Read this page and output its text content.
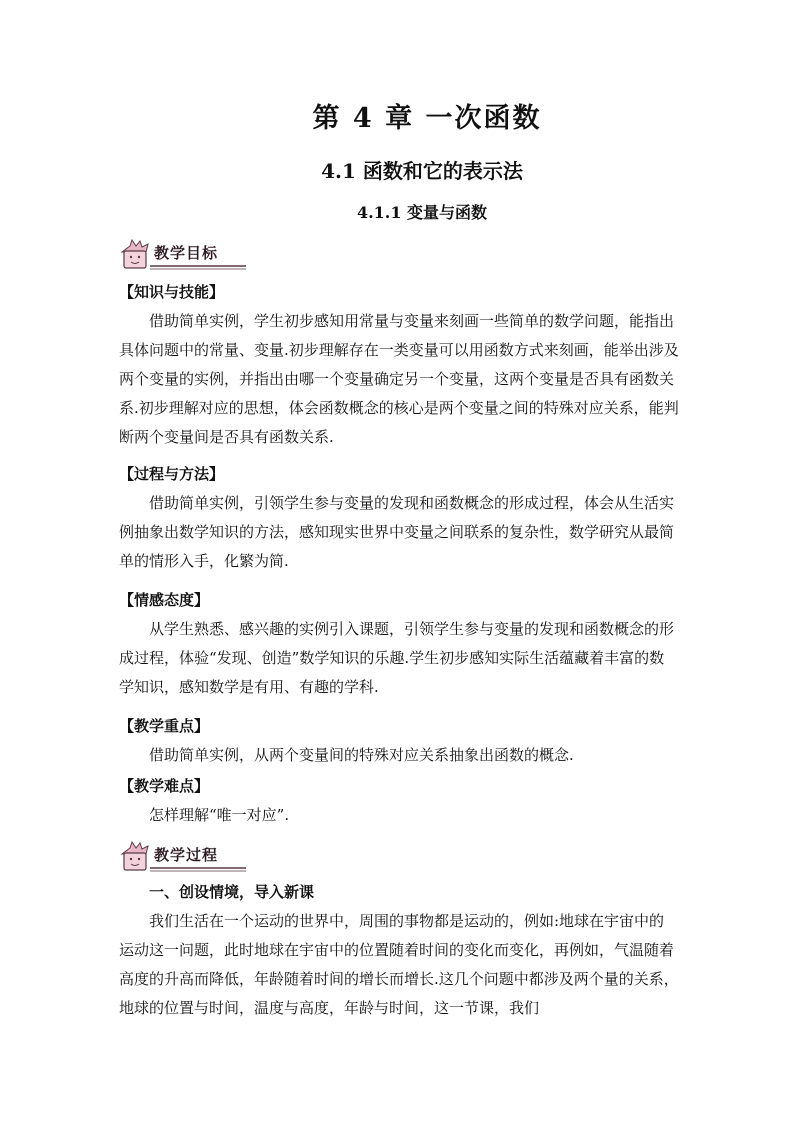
第 4 章 一次函数
4.1 函数和它的表示法
4.1.1 变量与函数
教学目标
【知识与技能】
借助简单实例，学生初步感知用常量与变量来刻画一些简单的数学问题，能指出具体问题中的常量、变量.初步理解存在一类变量可以用函数方式来刻画，能举出涉及两个变量的实例，并指出由哪一个变量确定另一个变量，这两个变量是否具有函数关系.初步理解对应的思想，体会函数概念的核心是两个变量之间的特殊对应关系，能判断两个变量间是否具有函数关系.
【过程与方法】
借助简单实例，引领学生参与变量的发现和函数概念的形成过程，体会从生活实例抽象出数学知识的方法，感知现实世界中变量之间联系的复杂性，数学研究从最简单的情形入手，化繁为简.
【情感态度】
从学生熟悉、感兴趣的实例引入课题，引领学生参与变量的发现和函数概念的形成过程，体验“发现、创造”数学知识的乐趣.学生初步感知实际生活蕴藏着丰富的数学知识，感知数学是有用、有趣的学科.
【教学重点】
借助简单实例，从两个变量间的特殊对应关系抽象出函数的概念.
【教学难点】
怎样理解“唯一对应”.
教学过程
一、创设情境，导入新课
我们生活在一个运动的世界中，周围的事物都是运动的，例如:地球在宇宙中的运动这一问题，此时地球在宇宙中的位置随着时间的变化而变化，再例如，气温随着高度的升高而降低，年龄随着时间的增长而增长.这几个问题中都涉及两个量的关系，地球的位置与时间，温度与高度，年龄与时间，这一节课，我们
